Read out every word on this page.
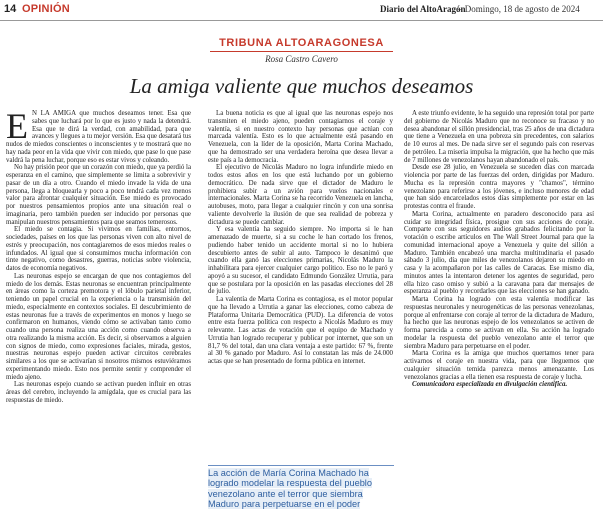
14 OPINIÓN	Diario del AltoAragón
– Domingo, 18 de agosto de 2024
TRIBUNA ALTOARAGONESA
Rosa Castro Cavero
La amiga valiente que muchos deseamos

E N LA AMIGA que muchos deseamos tener. Esa que sabes que luchará por lo que es justo y nada la detendrá. Esa que te dirá la verdad, con amabilidad, para que avances y llegues a tu mejor versión. Esa que desatará tus nudos de miedos conscientes o inconscientes y te mostrará que no hay nada peor en la vida que vivir con miedo, que pase lo que pase valdrá la pena luchar, porque eso es estar vivos y coleando.

No hay prisión peor que un corazón con miedo, que ya perdió la esperanza en el camino, que simplemente se limita a sobrevivir y pasar de un día a otro. Cuando el miedo invade la vida de una persona, llega a bloquearla y poco a poco tendrá cada vez menos valor para afrontar cualquier situación. Ese miedo es provocado por nuestros pensamientos propios ante una situación real o imaginaria, pero también pueden ser inducido por personas que manipulan nuestros pensamientos para que seamos temerosos.

El miedo se contagia. Si vivimos en familias, entornos, sociedades, países en los que las personas viven con alto nivel de estrés y preocupación, nos contagiaremos de esos miedos reales o infundados. Al igual que si consumimos mucha información con tinte negativo, como desastres, guerras, noticias sobre violencia, datos de economía negativos.

Las neuronas espejo se encargan de que nos contagiemos del miedo de los demás. Estas neuronas se encuentran principalmente en áreas como la corteza premotora y el lóbulo parietal inferior, teniendo un papel crucial en la experiencia o la transmisión del miedo, especialmente en contextos sociales. El descubrimiento de estas neuronas fue a través de experimentos en monos y luego se confirmaron en humanos, viendo cómo se activaban tanto como cuando una persona realiza una acción como cuando observa a otra realizando la misma acción. Es decir, si observamos a alguien con signos de miedo, como expresiones faciales, mirada, gestos, nuestras neuronas espejo pueden activar circuitos cerebrales similares a los que se activarían si nosotros mismos estuviéramos experimentando miedo. Esto nos permite sentir y comprender el miedo ajeno.

Las neuronas espejo cuando se activan pueden influir en otras áreas del cerebro, incluyendo la amígdala, que es crucial para las respuestas de miedo.

La buena noticia es que al igual que las neuronas espejo nos transmiten el miedo ajeno, pueden contagiarnos el coraje y valentía, si en nuestro contexto hay personas que actúan con marcada valentía. Esto es lo que actualmente está pasando en Venezuela, con la líder de la oposición, Marta Corina Machado, que ha demostrado ser una verdadera heroína que desea llevar a este país a la democracia.

El ejecutivo de Nicolás Maduro no logra infundirle miedo en todos estos años en los que está luchando por un gobierno democrático. De nada sirve que el dictador de Maduro le prohibiera subir a un avión para vuelos nacionales e internacionales. Marta Corina se ha recorrido Venezuela en lancha, autobuses, moto, para llegar a cualquier rincón y con una sonrisa valiente devolverle la ilusión de que sea realidad de pobreza y dictadura se puede cambiar.

Y esa valentía ha seguido siempre. No importa si le han amenazado de muerte, si a su coche le han cortado los frenos, pudiendo haber tenido un accidente mortal si no lo hubiera descubierto antes de subir al auto. Tampoco le desanimó que cuando ella ganó las elecciones primarias, Nicolás Maduro la inhabilitara para ejercer cualquier cargo político. Eso no le paró y apoyó a su sucesor, el candidato Edmundo González Urrutia, para que se postulara por la oposición en las pasadas elecciones del 28 de julio.

La valentía de Marta Corina es contagiosa, es el motor popular que ha llevado a Urrutia a ganar las elecciones, como cabeza de Plataforma Unitaria Democrática (PUD). La diferencia de votos entre esta fuerza política con respecto a Nicolás Maduro es muy relevante. Las actas de votación que el equipo de Machado y Urrutia han logrado recuperar y publicar por internet, que son un 81,7 % del total, dan una clara ventaja a este partido: 67 %, frente al 30 % ganado por Maduro. Así lo constatan las más de 24.000 actas que se han presentado de forma pública en internet.

La acción de María Corina Machado ha logrado modelar la respuesta del pueblo venezolano ante el terror que siembra Maduro para perpetuarse en el poder

A este triunfo evidente, le ha seguido una represión total por parte del gobierno de Nicolás Maduro que no reconoce su fracaso y no desea abandonar el sillón presidencial, tras 25 años de una dictadura que tiene a Venezuela en una pobreza sin precedentes, con salarios de 10 euros al mes. De nada sirve ser el segundo país con reservas de petróleo. La miseria impulsa la migración, que ha hecho que más de 7 millones de venezolanos hayan abandonado el país.

Desde ese 28 julio, en Venezuela se suceden días con marcada violencia por parte de las fuerzas del orden, dirigidas por Maduro. Mucha es la represión contra mayores y "chamos", término venezolano para referirse a los jóvenes, e incluso menores de edad que han sido encarcelados estos días simplemente por estar en las protestas contra el fraude.

Marta Corina, actualmente en paradero desconocido para así cuidar su integridad física, prosigue con sus acciones de coraje. Comparte con sus seguidores audios grabados felicitando por la votación o escribe artículos en The Wall Street Journal para que la comunidad internacional apoye a Venezuela y quite del sillón a Maduro. También encabezó una marcha multitudinaria el pasado sábado 3 julio, día que miles de venezolanos dejaron su miedo en casa y la acompañaron por las calles de Caracas. Ese mismo día, minutos antes la intentaron detener los agentes de seguridad, pero ella hizo caso omiso y subió a la caravana para dar mensajes de esperanza al pueblo y recordarles que las elecciones se han ganado.

Marta Corina ha logrado con esta valentía modificar las respuestas neuronales y neurogenéticas de las personas venezolanas, porque al enfrentarse con coraje al terror de la dictadura de Maduro, ha hecho que las neuronas espejo de los venezolanos se activen de forma parecida a como se activan en ella. Su acción ha logrado modelar la respuesta del pueblo venezolano ante el terror que siembra Maduro para perpetuarse en el poder.

Marta Corina es la amiga que muchos quertamos tener para activarnos el coraje en nuestra vida, para que lleguemos que cualquier situación temida parezca menos amenazante. Los venezolanos gracias a ella tienen esa respuesta de coraje y lucha.

Comunicadora especializada en divulgación científica.
